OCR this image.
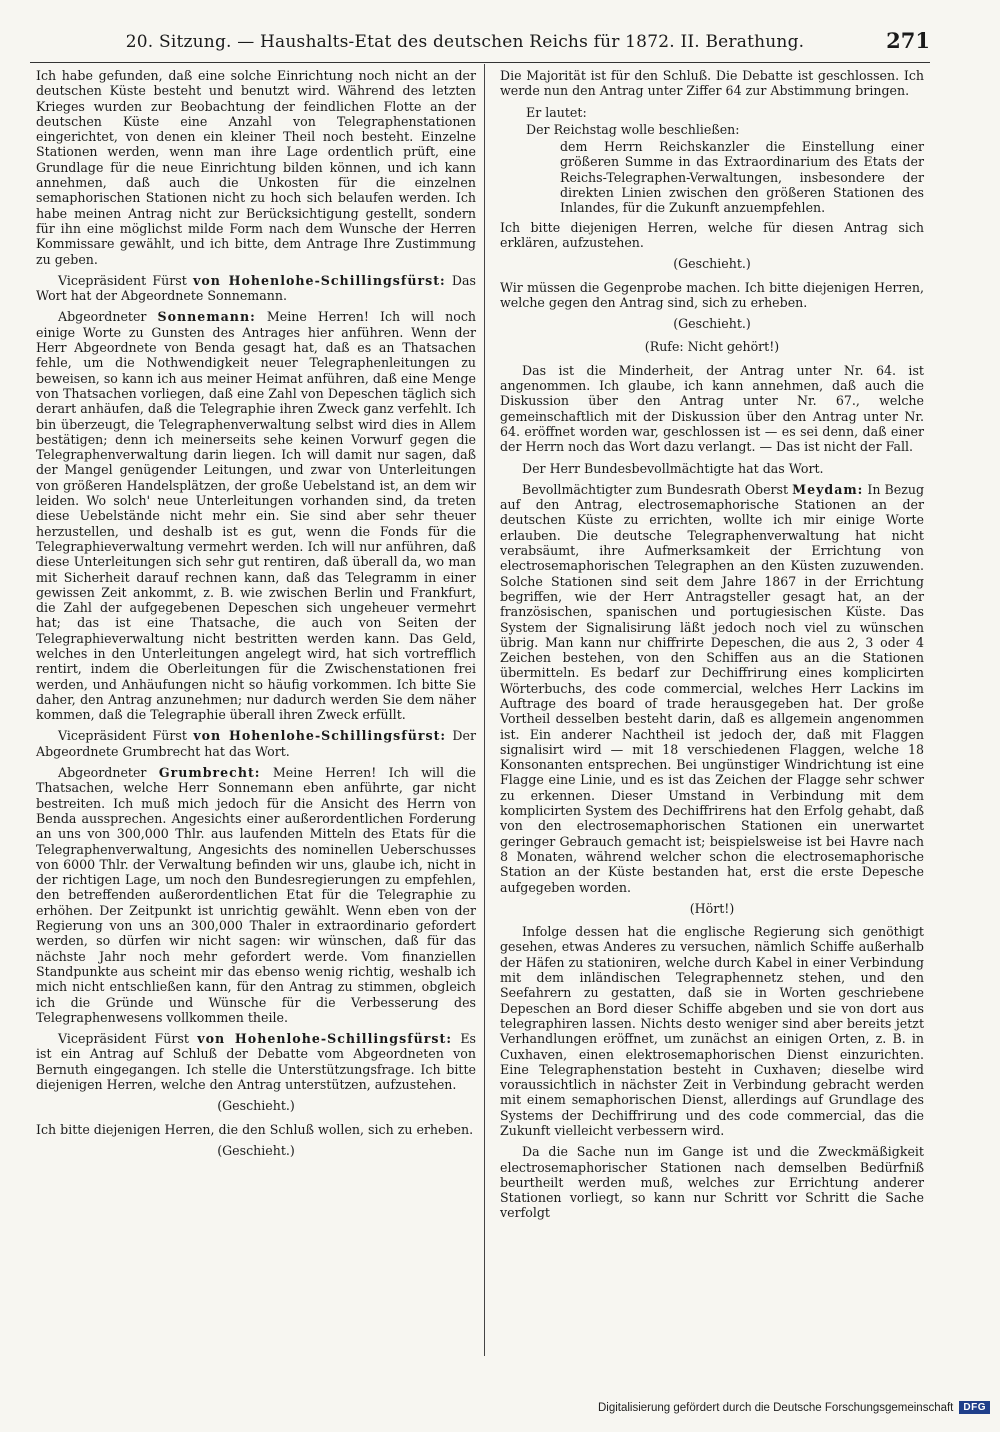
20. Sitzung. — Haushalts-Etat des deutschen Reichs für 1872. II. Berathung.	271

Ich habe gefunden, daß eine solche Einrichtung noch nicht an der deutschen Küste besteht und benutzt wird. Während des letzten Krieges wurden zur Beobachtung der feindlichen Flotte an der deutschen Küste eine Anzahl von Telegraphenstationen eingerichtet, von denen ein kleiner Theil noch besteht. Einzelne Stationen werden, wenn man ihre Lage ordentlich prüft, eine Grundlage für die neue Einrichtung bilden können, und ich kann annehmen, daß auch die Unkosten für die einzelnen semaphorischen Stationen nicht zu hoch sich belaufen werden. Ich habe meinen Antrag nicht zur Berücksichtigung gestellt, sondern für ihn eine möglichst milde Form nach dem Wunsche der Herren Kommissare gewählt, und ich bitte, dem Antrage Ihre Zustimmung zu geben.

Vicepräsident Fürst von Hohenlohe-Schillingsfürst: Das Wort hat der Abgeordnete Sonnemann.

Abgeordneter Sonnemann: Meine Herren! Ich will noch einige Worte zu Gunsten des Antrages hier anführen. Wenn der Herr Abgeordnete von Benda gesagt hat, daß es an Thatsachen fehle, um die Nothwendigkeit neuer Telegraphenleitungen zu beweisen, so kann ich aus meiner Heimat anführen, daß eine Menge von Thatsachen vorliegen, daß eine Zahl von Depeschen täglich sich derart anhäufen, daß die Telegraphie ihren Zweck ganz verfehlt. Ich bin überzeugt, die Telegraphenverwaltung selbst wird dies in Allem bestätigen; denn ich meinerseits sehe keinen Vorwurf gegen die Telegraphenverwaltung darin liegen. Ich will damit nur sagen, daß der Mangel genügender Leitungen, und zwar von Unterleitungen von größeren Handelsplätzen, der große Uebelstand ist, an dem wir leiden. Wo solch' neue Unterleitungen vorhanden sind, da treten diese Uebelstände nicht mehr ein. Sie sind aber sehr theuer herzustellen, und deshalb ist es gut, wenn die Fonds für die Telegraphieverwaltung vermehrt werden. Ich will nur anführen, daß diese Unterleitungen sich sehr gut rentiren, daß überall da, wo man mit Sicherheit darauf rechnen kann, daß das Telegramm in einer gewissen Zeit ankommt, z. B. wie zwischen Berlin und Frankfurt, die Zahl der aufgegebenen Depeschen sich ungeheuer vermehrt hat; das ist eine Thatsache, die auch von Seiten der Telegraphieverwaltung nicht bestritten werden kann. Das Geld, welches in den Unterleitungen angelegt wird, hat sich vortrefflich rentirt, indem die Oberleitungen für die Zwischenstationen frei werden, und Anhäufungen nicht so häufig vorkommen. Ich bitte Sie daher, den Antrag anzunehmen; nur dadurch werden Sie dem näher kommen, daß die Telegraphie überall ihren Zweck erfüllt.

Vicepräsident Fürst von Hohenlohe-Schillingsfürst: Der Abgeordnete Grumbrecht hat das Wort.

Abgeordneter Grumbrecht: Meine Herren! Ich will die Thatsachen, welche Herr Sonnemann eben anführte, gar nicht bestreiten. Ich muß mich jedoch für die Ansicht des Herrn von Benda aussprechen. Angesichts einer außerordentlichen Forderung an uns von 300,000 Thlr. aus laufenden Mitteln des Etats für die Telegraphenverwaltung, Angesichts des nominellen Ueberschusses von 6000 Thlr. der Verwaltung befinden wir uns, glaube ich, nicht in der richtigen Lage, um noch den Bundesregierungen zu empfehlen, den betreffenden außerordentlichen Etat für die Telegraphie zu erhöhen. Der Zeitpunkt ist unrichtig gewählt. Wenn eben von der Regierung von uns an 300,000 Thaler in extraordinario gefordert werden, so dürfen wir nicht sagen: wir wünschen, daß für das nächste Jahr noch mehr gefordert werde. Vom finanziellen Standpunkte aus scheint mir das ebenso wenig richtig, weshalb ich mich nicht entschließen kann, für den Antrag zu stimmen, obgleich ich die Gründe und Wünsche für die Verbesserung des Telegraphenwesens vollkommen theile.

Vicepräsident Fürst von Hohenlohe-Schillingsfürst: Es ist ein Antrag auf Schluß der Debatte vom Abgeordneten von Bernuth eingegangen. Ich stelle die Unterstützungsfrage. Ich bitte diejenigen Herren, welche den Antrag unterstützen, aufzustehen.

(Geschieht.)

Ich bitte diejenigen Herren, die den Schluß wollen, sich zu erheben.

(Geschieht.)

Die Majorität ist für den Schluß. Die Debatte ist geschlossen. Ich werde nun den Antrag unter Ziffer 64 zur Abstimmung bringen.

Er lautet:

Der Reichstag wolle beschließen:

dem Herrn Reichskanzler die Einstellung einer größeren Summe in das Extraordinarium des Etats der Reichs-Telegraphen-Verwaltungen, insbesondere der direkten Linien zwischen den größeren Stationen des Inlandes, für die Zukunft anzuempfehlen.

Ich bitte diejenigen Herren, welche für diesen Antrag sich erklären, aufzustehen.

(Geschieht.)

Wir müssen die Gegenprobe machen. Ich bitte diejenigen Herren, welche gegen den Antrag sind, sich zu erheben.

(Geschieht.)

(Rufe: Nicht gehört!)

Das ist die Minderheit, der Antrag unter Nr. 64. ist angenommen. Ich glaube, ich kann annehmen, daß auch die Diskussion über den Antrag unter Nr. 67., welche gemeinschaftlich mit der Diskussion über den Antrag unter Nr. 64. eröffnet worden war, geschlossen ist — es sei denn, daß einer der Herrn noch das Wort dazu verlangt. — Das ist nicht der Fall.

Der Herr Bundesbevollmächtigte hat das Wort.

Bevollmächtigter zum Bundesrath Oberst Meydam: In Bezug auf den Antrag, electrosemaphorische Stationen an der deutschen Küste zu errichten, wollte ich mir einige Worte erlauben. Die deutsche Telegraphenverwaltung hat nicht verabsäumt, ihre Aufmerksamkeit der Errichtung von electrosemaphorischen Telegraphen an den Küsten zuzuwenden. Solche Stationen sind seit dem Jahre 1867 in der Errichtung begriffen, wie der Herr Antragsteller gesagt hat, an der französischen, spanischen und portugiesischen Küste. Das System der Signalisirung läßt jedoch noch viel zu wünschen übrig. Man kann nur chiffrirte Depeschen, die aus 2, 3 oder 4 Zeichen bestehen, von den Schiffen aus an die Stationen übermitteln. Es bedarf zur Dechiffrirung eines komplicirten Wörterbuchs, des code commercial, welches Herr Lackins im Auftrage des board of trade herausgegeben hat. Der große Vortheil desselben besteht darin, daß es allgemein angenommen ist. Ein anderer Nachtheil ist jedoch der, daß mit Flaggen signalisirt wird — mit 18 verschiedenen Flaggen, welche 18 Konsonanten entsprechen. Bei ungünstiger Windrichtung ist eine Flagge eine Linie, und es ist das Zeichen der Flagge sehr schwer zu erkennen. Dieser Umstand in Verbindung mit dem komplicirten System des Dechiffrirens hat den Erfolg gehabt, daß von den electrosemaphorischen Stationen ein unerwartet geringer Gebrauch gemacht ist; beispielsweise ist bei Havre nach 8 Monaten, während welcher schon die electrosemaphorische Station an der Küste bestanden hat, erst die erste Depesche aufgegeben worden.

(Hört!)

Infolge dessen hat die englische Regierung sich genöthigt gesehen, etwas Anderes zu versuchen, nämlich Schiffe außerhalb der Häfen zu stationiren, welche durch Kabel in einer Verbindung mit dem inländischen Telegraphennetz stehen, und den Seefahrern zu gestatten, daß sie in Worten geschriebene Depeschen an Bord dieser Schiffe abgeben und sie von dort aus telegraphiren lassen. Nichts desto weniger sind aber bereits jetzt Verhandlungen eröffnet, um zunächst an einigen Orten, z. B. in Cuxhaven, einen elektrosemaphorischen Dienst einzurichten. Eine Telegraphenstation besteht in Cuxhaven; dieselbe wird voraussichtlich in nächster Zeit in Verbindung gebracht werden mit einem semaphorischen Dienst, allerdings auf Grundlage des Systems der Dechiffrirung und des code commercial, das die Zukunft vielleicht verbessern wird.

Da die Sache nun im Gange ist und die Zweckmäßigkeit electrosemaphorischer Stationen nach demselben Bedürfniß beurtheilt werden muß, welches zur Errichtung anderer Stationen vorliegt, so kann nur Schritt vor Schritt die Sache verfolgt

Digitalisierung gefördert durch die Deutsche Forschungsgemeinschaft	DFG
